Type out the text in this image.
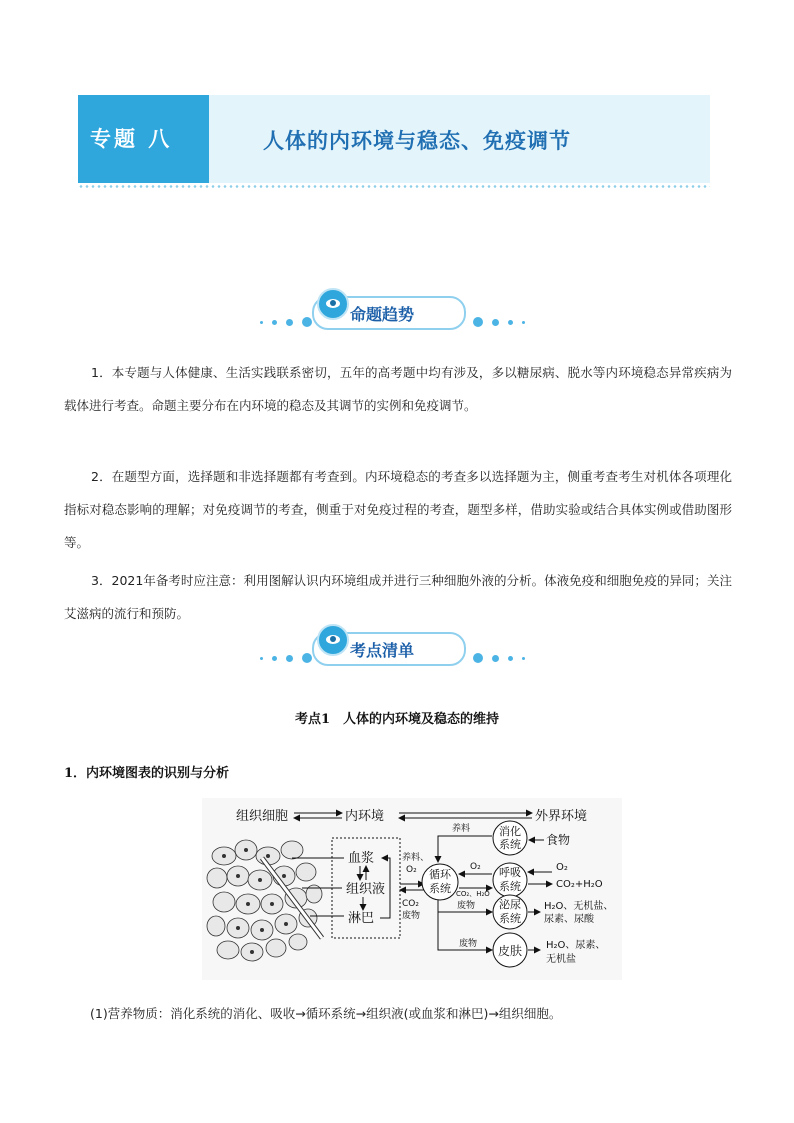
专题 八	人体的内环境与稳态、免疫调节
命题趋势
1．本专题与人体健康、生活实践联系密切，五年的高考题中均有涉及，多以糖尿病、脱水等内环境稳态异常疾病为载体进行考查。命题主要分布在内环境的稳态及其调节的实例和免疫调节。
2．在题型方面，选择题和非选择题都有考查到。内环境稳态的考查多以选择题为主，侧重考查考生对机体各项理化指标对稳态影响的理解；对免疫调节的考查，侧重于对免疫过程的考查，题型多样，借助实验或结合具体实例或借助图形等。
3．2021年备考时应注意：利用图解认识内环境组成并进行三种细胞外液的分析。体液免疫和细胞免疫的异同；关注艾滋病的流行和预防。
考点清单
考点1　人体的内环境及稳态的维持
1．内环境图表的识别与分析
组织细胞	内环境	外界环境
血浆
组织液
淋巴
养料、
O₂
CO₂
废物
循环
系统
消化
系统 食物
养料
呼吸
系统
O₂
CO₂、H₂O
O₂
CO₂+H₂O
泌尿
系统
废物	H₂O、无机盐、
尿素、尿酸
皮肤
废物	H₂O、尿素、
无机盐
(1)营养物质：消化系统的消化、吸收→循环系统→组织液(或血浆和淋巴)→组织细胞。
